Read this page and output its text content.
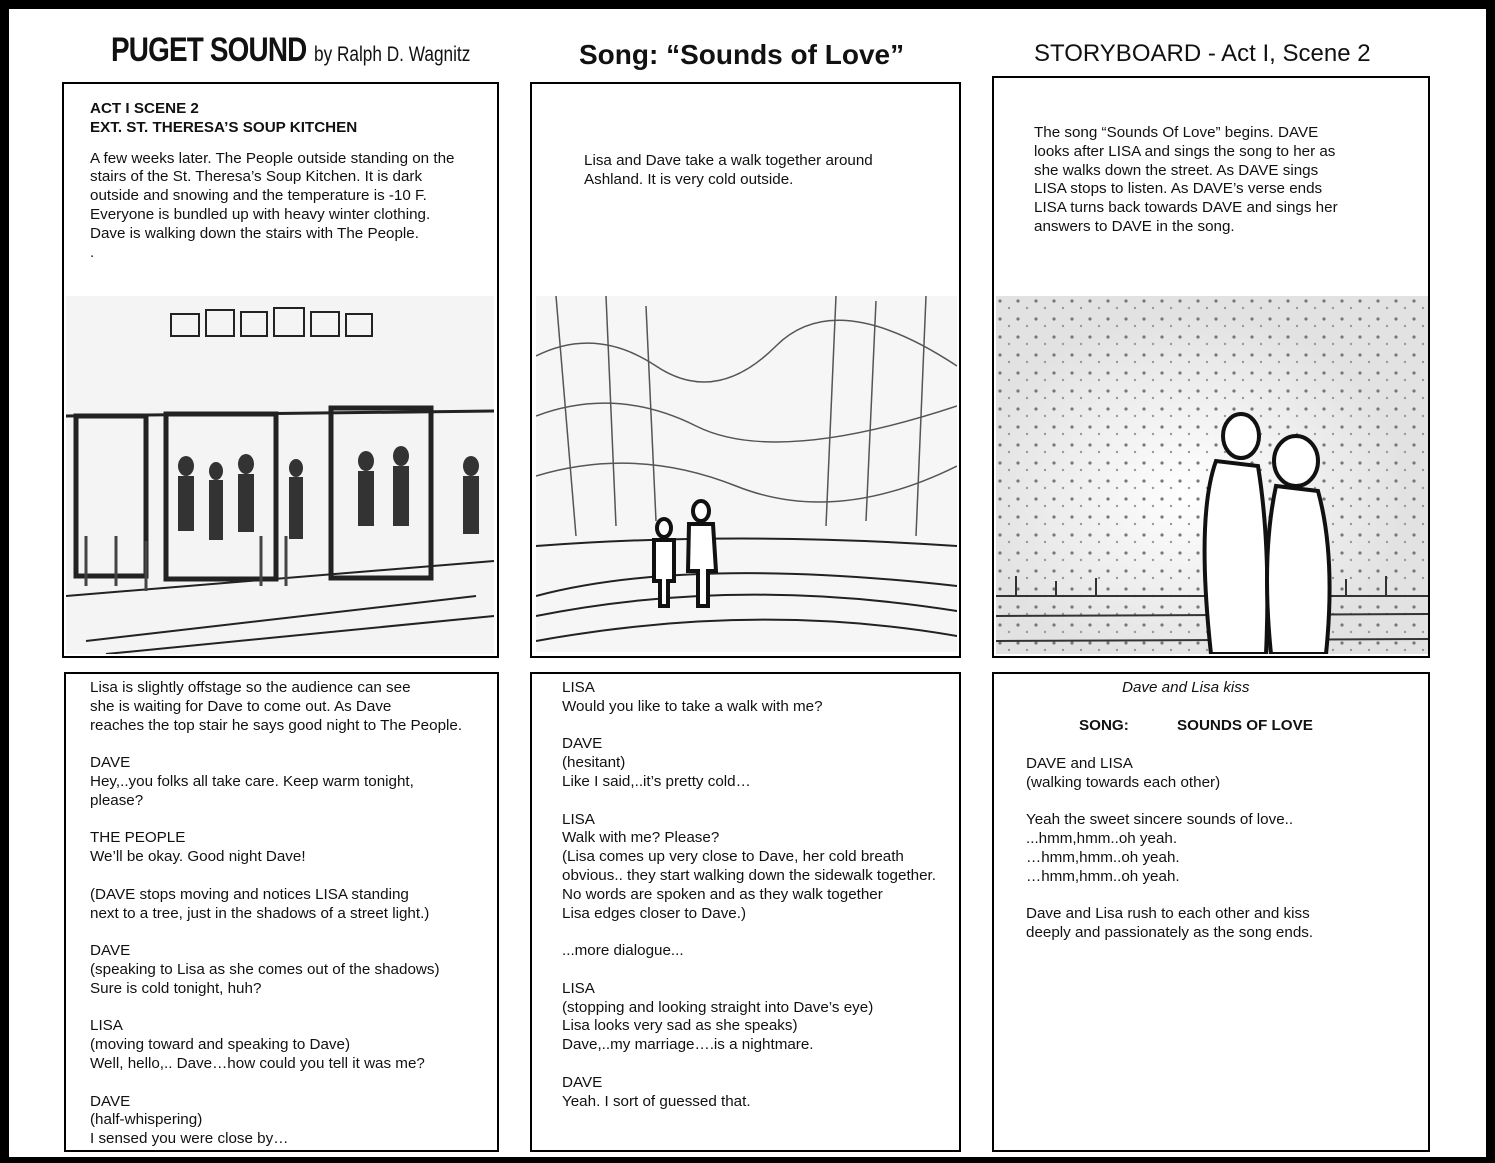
PUGET SOUND by Ralph D. Wagnitz	Song: “Sounds of Love”	STORYBOARD - Act I, Scene 2
ACT I SCENE 2
EXT. ST. THERESA’S SOUP KITCHEN
A few weeks later. The People outside standing on the
stairs of the St. Theresa’s Soup Kitchen. It is dark
outside and snowing and the temperature is -10 F.
Everyone is bundled up with heavy winter clothing.
Dave is walking down the stairs with The People.
.
Lisa and Dave take a walk together around
Ashland. It is very cold outside.
The song “Sounds Of Love” begins. DAVE
looks after LISA and sings the song to her as
she walks down the street. As DAVE sings
LISA stops to listen. As DAVE’s verse ends
LISA turns back towards DAVE and sings her
answers to DAVE in the song.
Lisa is slightly offstage so the audience can see
she is waiting for Dave to come out. As Dave
reaches the top stair he says good night to The People.
DAVE
Hey,..you folks all take care. Keep warm tonight,
please?
THE PEOPLE
We’ll be okay. Good night Dave!
(DAVE stops moving and notices LISA standing
next to a tree, just in the shadows of a street light.)
DAVE
(speaking to Lisa as she comes out of the shadows)
Sure is cold tonight, huh?
LISA
(moving toward and speaking to Dave)
Well, hello,.. Dave…how could you tell it was me?
DAVE
(half-whispering)
I sensed you were close by…
LISA
Would you like to take a walk with me?
DAVE
(hesitant)
Like I said,..it’s pretty cold…
LISA
Walk with me? Please?
(Lisa comes up very close to Dave, her cold breath
obvious.. they start walking down the sidewalk together.
No words are spoken and as they walk together
Lisa edges closer to Dave.)
...more dialogue...
LISA
(stopping and looking straight into Dave’s eye)
Lisa looks very sad as she speaks)
Dave,..my marriage….is a nightmare.
DAVE
Yeah. I sort of guessed that.
Dave and Lisa kiss
SONG:	SOUNDS OF LOVE
DAVE and LISA
(walking towards each other)
Yeah the sweet sincere sounds of love..
...hmm,hmm..oh yeah.
…hmm,hmm..oh yeah.
…hmm,hmm..oh yeah.
Dave and Lisa rush to each other and kiss
deeply and passionately as the song ends.
